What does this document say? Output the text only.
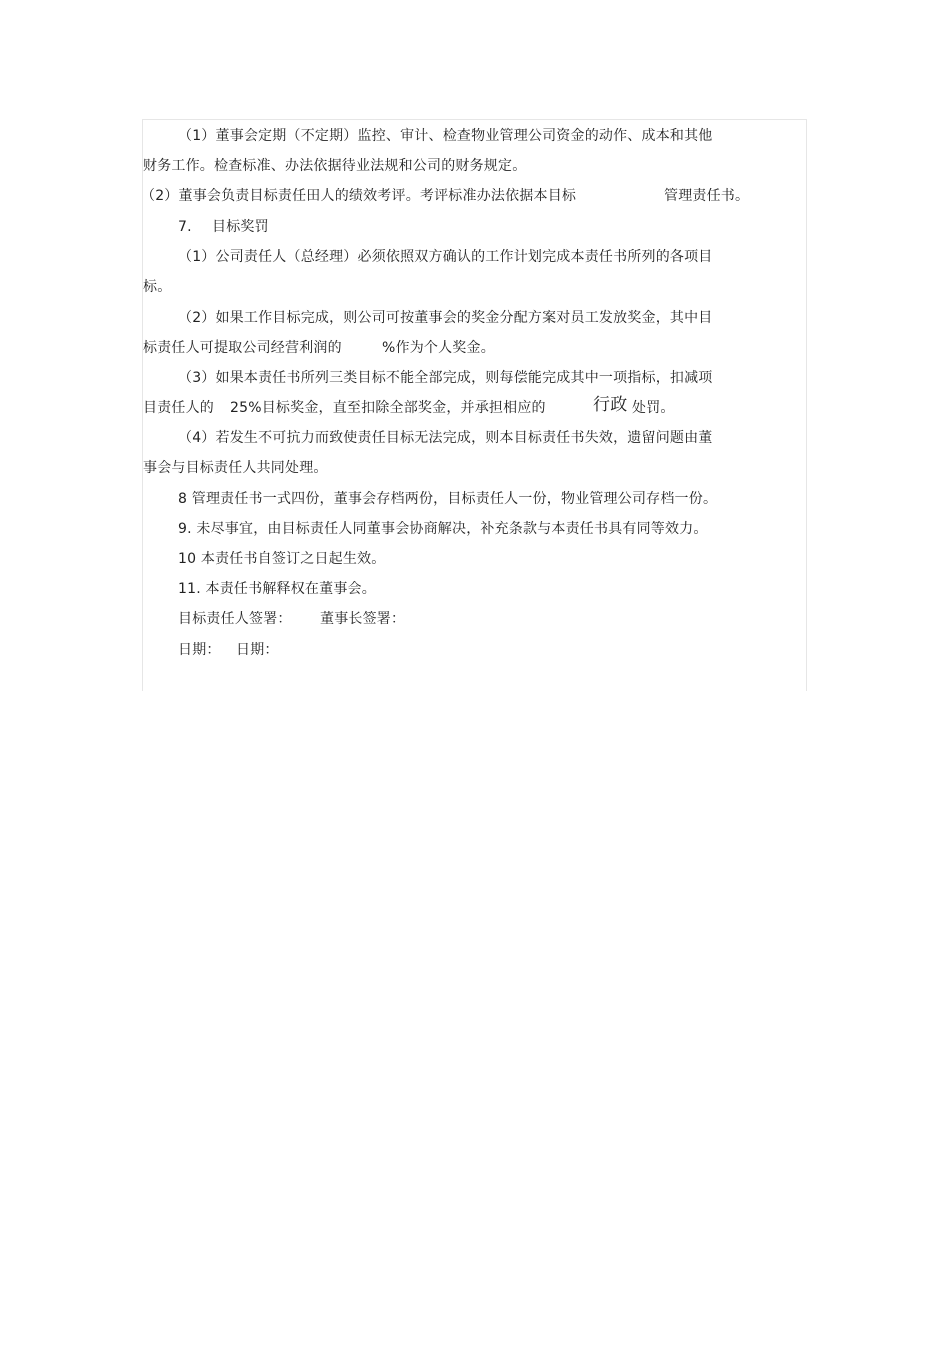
（1）董事会定期（不定期）监控、审计、检查物业管理公司资金的动作、成本和其他
财务工作。检查标准、办法依据待业法规和公司的财务规定。
（2）董事会负责目标责任田人的绩效考评。考评标准办法依据本目标	管理责任书。
7. 目标奖罚
（1）公司责任人（总经理）必须依照双方确认的工作计划完成本责任书所列的各项目
标。
（2）如果工作目标完成，则公司可按董事会的奖金分配方案对员工发放奖金，其中目
标责任人可提取公司经营利润的	%作为个人奖金。
（3）如果本责任书所列三类目标不能全部完成，则每偿能完成其中一项指标，扣减项
目责任人的 25%目标奖金，直至扣除全部奖金，并承担相应的	行政 处罚。
（4）若发生不可抗力而致使责任目标无法完成，则本目标责任书失效，遗留问题由董
事会与目标责任人共同处理。
8 管理责任书一式四份，董事会存档两份，目标责任人一份，物业管理公司存档一份。
9. 未尽事宜，由目标责任人同董事会协商解决，补充条款与本责任书具有同等效力。
10 本责任书自签订之日起生效。
11. 本责任书解释权在董事会。
目标责任人签署： 董事长签署：
日期： 日期：
